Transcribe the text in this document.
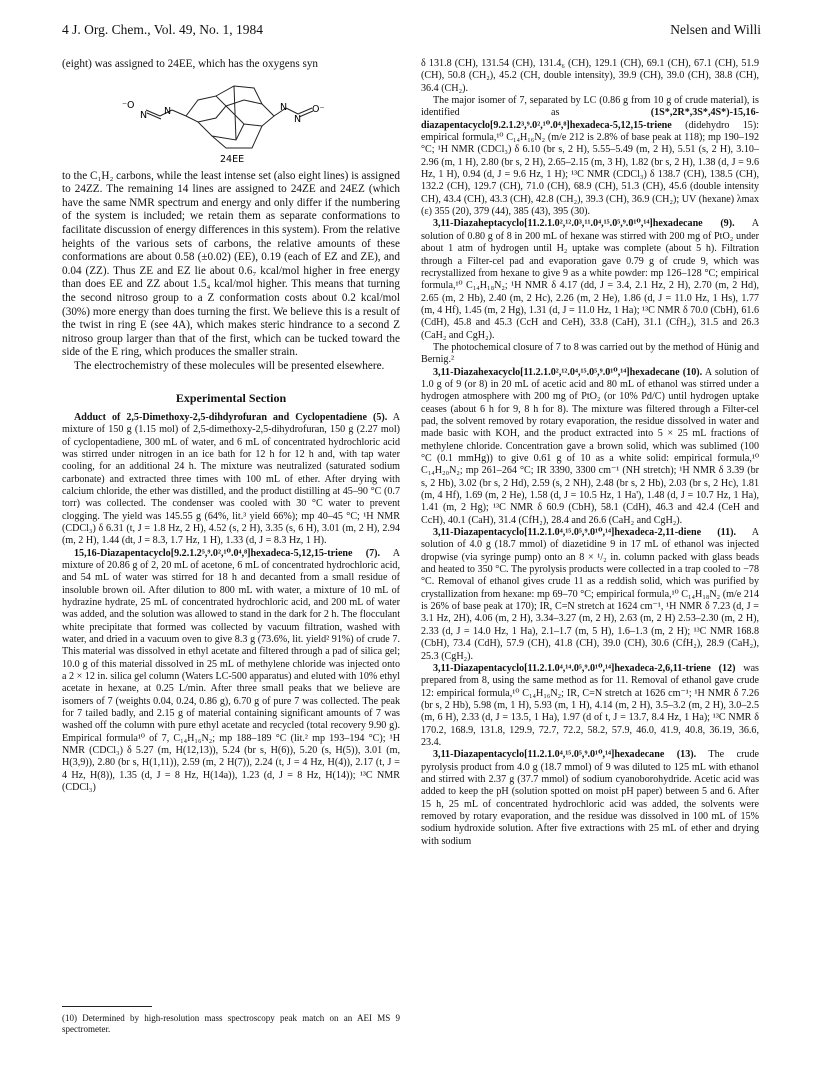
4 J. Org. Chem., Vol. 49, No. 1, 1984	Nelsen and Willi

(eight) was assigned to 24EE, which has the oxygens syn

⁻O
N N	N
N
O⁻
24EE

to the C₁H₂ carbons, while the least intense set (also eight lines) is assigned to 24ZZ. The remaining 14 lines are assigned to 24ZE and 24EZ (which have the same NMR spectrum and energy and only differ if the numbering of the system is included; we retain them as separate conformations to facilitate discussion of energy differences in this system). From the relative heights of the various sets of carbons, the relative amounts of these conformations are about 0.58 (±0.02) (EE), 0.19 (each of EZ and ZE), and 0.04 (ZZ). Thus ZE and EZ lie about 0.6₇ kcal/mol higher in free energy than does EE and ZZ about 1.5₄ kcal/mol higher. This means that turning the second nitroso group to a Z conformation costs about 0.2 kcal/mol (30%) more energy than does turning the first. We believe this is a result of the twist in ring E (see 4A), which makes steric hindrance to a second Z nitroso group larger than that of the first, which can be tucked toward the side of the E ring, which produces the smaller strain.

The electrochemistry of these molecules will be presented elsewhere.

Experimental Section

Adduct of 2,5-Dimethoxy-2,5-dihdyrofuran and Cyclopentadiene (5). A mixture of 150 g (1.15 mol) of 2,5-dimethoxy-2,5-dihydrofuran, 150 g (2.27 mol) of cyclopentadiene, 300 mL of water, and 6 mL of concentrated hydrochloric acid was stirred under nitrogen in an ice bath for 12 h for 12 h and, with tap water cooling, for an additional 24 h. The mixture was neutralized (saturated sodium carbonate) and extracted three times with 100 mL of ether. After drying with calcium chloride, the ether was distilled, and the product distilling at 45–90 °C (0.7 torr) was collected. The condenser was cooled with 30 °C water to prevent clogging. The yield was 145.55 g (64%, lit.³ yield 66%); mp 40–45 °C; ¹H NMR (CDCl₃) δ 6.31 (t, J = 1.8 Hz, 2 H), 4.52 (s, 2 H), 3.35 (s, 6 H), 3.01 (m, 2 H), 2.94 (m, 2 H), 1.44 (dt, J = 8.3, 1.7 Hz, 1 H), 1.33 (d, J = 8.3 Hz, 1 H).

15,16-Diazapentacyclo[9.2.1.2⁵,⁹.0²,¹⁰.0⁴,⁸]hexadeca-5,12,15-triene (7). A mixture of 20.86 g of 2, 20 mL of acetone, 6 mL of concentrated hydrochloric acid, and 54 mL of water was stirred for 18 h and decanted from a small residue of insoluble brown oil. After dilution to 800 mL with water, a mixture of 10 mL of hydrazine hydrate, 25 mL of concentrated hydrochloric acid, and 200 mL of water was added, and the solution was allowed to stand in the dark for 2 h. The flocculant white precipitate that formed was collected by vacuum filtration, washed with water, and dried in a vacuum oven to give 8.3 g (73.6%, lit. yield² 91%) of crude 7. This material was dissolved in ethyl acetate and filtered through a pad of silica gel; 10.0 g of this material dissolved in 25 mL of methylene chloride was injected onto a 2 × 12 in. silica gel column (Waters LC-500 apparatus) and eluted with 10% ethyl acetate in hexane, at 0.25 L/min. After three small peaks that we believe are isomers of 7 (weights 0.04, 0.24, 0.86 g), 6.70 g of pure 7 was collected. The peak for 7 tailed badly, and 2.15 g of material containing significant amounts of 7 was washed off the column with pure ethyl acetate and recycled (total recovery 9.90 g). Empirical formula¹⁰ of 7, C₁₄H₁₆N₂; mp 188–189 °C (lit.² mp 193–194 °C); ¹H NMR (CDCl₃) δ 5.27 (m, H(12,13)), 5.24 (br s, H(6)), 5.20 (s, H(5)), 3.01 (m, H(3,9)), 2.80 (br s, H(1,11)), 2.59 (m, 2 H(7)), 2.24 (t, J = 4 Hz, H(4)), 2.17 (t, J = 4 Hz, H(8)), 1.35 (d, J = 8 Hz, H(14a)), 1.23 (d, J = 8 Hz, H(14)); ¹³C NMR (CDCl₃)

δ 131.8 (CH), 131.54 (CH), 131.4₆ (CH), 129.1 (CH), 69.1 (CH), 67.1 (CH), 51.9 (CH), 50.8 (CH₂), 45.2 (CH, double intensity), 39.9 (CH), 39.0 (CH), 38.8 (CH), 36.4 (CH₂).

The major isomer of 7, separated by LC (0.86 g from 10 g of crude material), is identified as (1S*,2R*,3S*,4S*)-15,16-diazapentacyclo[9.2.1.2³,⁹.0²,¹⁰.0⁴,⁸]hexadeca-5,12,15-triene (didehydro 15): empirical formula,¹⁰ C₁₄H₁₆N₂ (m/e 212 is 2.8% of base peak at 118); mp 190–192 °C; ¹H NMR (CDCl₃) δ 6.10 (br s, 2 H), 5.55–5.49 (m, 2 H), 5.51 (s, 2 H), 3.10–2.96 (m, 1 H), 2.80 (br s, 2 H), 2.65–2.15 (m, 3 H), 1.82 (br s, 2 H), 1.38 (d, J = 9.6 Hz, 1 H), 0.94 (d, J = 9.6 Hz, 1 H); ¹³C NMR (CDCl₃) δ 138.7 (CH), 138.5 (CH), 132.2 (CH), 129.7 (CH), 71.0 (CH), 68.9 (CH), 51.3 (CH), 45.6 (double intensity CH), 43.4 (CH), 43.3 (CH), 42.8 (CH₂), 39.3 (CH), 36.9 (CH₂); UV (hexane) λmax (ε) 355 (20), 379 (44), 385 (43), 395 (30).

3,11-Diazaheptacyclo[11.2.1.0²,¹².0³,¹¹.0⁴,¹⁵.0⁵,⁹.0¹⁰,¹⁴]hexadecane (9). A solution of 0.80 g of 8 in 200 mL of hexane was stirred with 200 mg of PtO₂ under about 1 atm of hydrogen until H₂ uptake was complete (about 5 h). Filtration through a Filter-cel pad and evaporation gave 0.79 g of crude 9, which was recrystallized from hexane to give 9 as a white powder: mp 126–128 °C; empirical formula,¹⁰ C₁₄H₁₈N₂; ¹H NMR δ 4.17 (dd, J = 3.4, 2.1 Hz, 2 H), 2.70 (m, 2 Hd), 2.65 (m, 2 Hb), 2.40 (m, 2 Hc), 2.26 (m, 2 He), 1.86 (d, J = 11.0 Hz, 1 Hs), 1.77 (m, 4 Hf), 1.45 (m, 2 Hg), 1.31 (d, J = 11.0 Hz, 1 Ha); ¹³C NMR δ 70.0 (CbH), 61.6 (CdH), 45.8 and 45.3 (CcH and CeH), 33.8 (CaH), 31.1 (CfH₂), 31.5 and 26.3 (CaH₂ and CgH₂).

The photochemical closure of 7 to 8 was carried out by the method of Hünig and Bernig.²

3,11-Diazahexacyclo[11.2.1.0²,¹².0⁴,¹⁵.0⁵,⁹.0¹⁰,¹⁴]hexadecane (10). A solution of 1.0 g of 9 (or 8) in 20 mL of acetic acid and 80 mL of ethanol was stirred under a hydrogen atmosphere with 200 mg of PtO₂ (or 10% Pd/C) until hydrogen uptake ceases (about 6 h for 9, 8 h for 8). The mixture was filtered through a Filter-cel pad, the solvent removed by rotary evaporation, the residue dissolved in water and made basic with KOH, and the product extracted into 5 × 25 mL fractions of methylene chloride. Concentration gave a brown solid, which was sublimed (100 °C (0.1 mmHg)) to give 0.61 g of 10 as a white solid: empirical formula,¹⁰ C₁₄H₂₀N₂; mp 261–264 °C; IR 3390, 3300 cm⁻¹ (NH stretch); ¹H NMR δ 3.39 (br s, 2 Hb), 3.02 (br s, 2 Hd), 2.59 (s, 2 NH), 2.48 (br s, 2 Hb), 2.03 (br s, 2 Hc), 1.81 (m, 4 Hf), 1.69 (m, 2 He), 1.58 (d, J = 10.5 Hz, 1 Ha'), 1.48 (d, J = 10.7 Hz, 1 Ha), 1.41 (m, 2 Hg); ¹³C NMR δ 60.9 (CbH), 58.1 (CdH), 46.3 and 42.4 (CeH and CcH), 40.1 (CaH), 31.4 (CfH₂), 28.4 and 26.6 (CaH₂ and CgH₂).

3,11-Diazapentacyclo[11.2.1.0⁴,¹⁵.0⁵,⁹.0¹⁰,¹⁴]hexadeca-2,11-diene (11). A solution of 4.0 g (18.7 mmol) of diazetidine 9 in 17 mL of ethanol was injected dropwise (via syringe pump) onto an 8 × ¹/₂ in. column packed with glass beads and heated to 350 °C. The pyrolysis products were collected in a trap cooled to −78 °C. Removal of ethanol gives crude 11 as a reddish solid, which was purified by crystallization from hexane: mp 69–70 °C; empirical formula,¹⁰ C₁₄H₁₈N₂ (m/e 214 is 26% of base peak at 170); IR, C=N stretch at 1624 cm⁻¹, ¹H NMR δ 7.23 (d, J = 3.1 Hz, 2H), 4.06 (m, 2 H), 3.34–3.27 (m, 2 H), 2.63 (m, 2 H) 2.53–2.30 (m, 2 H), 2.33 (d, J = 14.0 Hz, 1 Ha), 2.1–1.7 (m, 5 H), 1.6–1.3 (m, 2 H); ¹³C NMR 168.8 (CbH), 73.4 (CdH), 57.9 (CH), 41.8 (CH), 39.0 (CH), 30.6 (CfH₂), 28.9 (CaH₂), 25.3 (CgH₂).

3,11-Diazapentacyclo[11.2.1.0⁴,¹⁴.0⁵,⁹.0¹⁰,¹⁴]hexadeca-2,6,11-triene (12) was prepared from 8, using the same method as for 11. Removal of ethanol gave crude 12: empirical formula,¹⁰ C₁₄H₁₆N₂; IR, C=N stretch at 1626 cm⁻¹; ¹H NMR δ 7.26 (br s, 2 Hb), 5.98 (m, 1 H), 5.93 (m, 1 H), 4.14 (m, 2 H), 3.5–3.2 (m, 2 H), 3.0–2.5 (m, 6 H), 2.33 (d, J = 13.5, 1 Ha), 1.97 (d of t, J = 13.7, 8.4 Hz, 1 Ha); ¹³C NMR δ 170.2, 168.9, 131.8, 129.9, 72.7, 72.2, 58.2, 57.9, 46.0, 41.9, 40.8, 36.19, 36.6, 23.4.

3,11-Diazapentacyclo[11.2.1.0⁴,¹⁵.0⁵,⁹.0¹⁰,¹⁴]hexadecane (13). The crude pyrolysis product from 4.0 g (18.7 mmol) of 9 was diluted to 125 mL with ethanol and stirred with 2.37 g (37.7 mmol) of sodium cyanoborohydride. Acetic acid was added to keep the pH (solution spotted on moist pH paper) between 5 and 6. After 15 h, 25 mL of concentrated hydrochloric acid was added, the solvents were removed by rotary evaporation, and the residue was dissolved in 100 mL of 15% sodium hydroxide solution. After five extractions with 25 mL of ether and drying with sodium

(10) Determined by high-resolution mass spectroscopy peak match on an AEI MS 9 spectrometer.
